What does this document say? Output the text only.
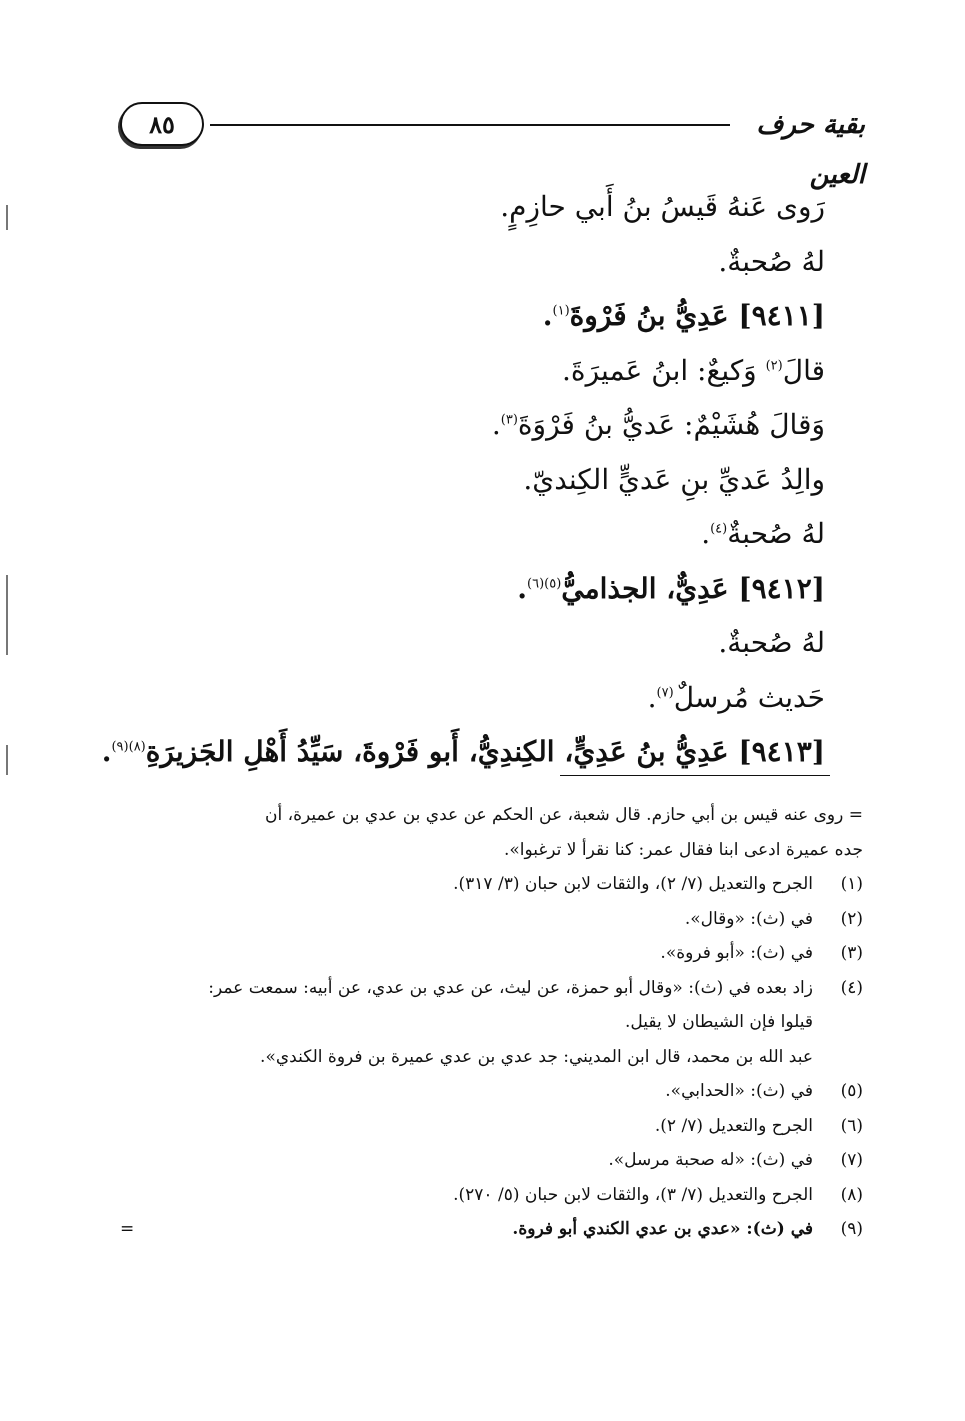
٨٥	بقية حرف العين
رَوى عَنهُ قَيسُ بنُ أَبي حازِمٍ.
لهُ صُحبةٌ.
[٩٤١١] عَدِيُّ بنُ فَرْوةَ$^{(١)}$.
قالَ$^{(٢)}$ وَكيعٌ: ابنُ عَميرَةَ.
وَقالَ هُشَيْمٌ: عَديُّ بنُ فَرْوَةَ$^{(٣)}$.
والِدُ عَديِّ بنِ عَديٍّ الكِنديّ.
لهُ صُحبةٌ$^{(٤)}$.
[٩٤١٢] عَدِيٌّ، الجذاميُّ$^{(٥)(٦)}$.
لهُ صُحبةٌ.
حَديث مُرسلٌ$^{(٧)}$.
[٩٤١٣] عَدِيُّ بنُ عَدِيٍّ، الكِندِيُّ، أَبو فَرْوةَ، سَيِّدُ أَهْلِ الجَزيرَةِ$^{(٨)(٩)}$.
= روى عنه قيس بن أبي حازم. قال شعبة، عن الحكم عن عدي بن عدي بن عميرة، أن
جده عميرة ادعى ابنا فقال عمر: كنا نقرأ لا ترغبوا».
(١)الجرح والتعديل (٧/ ٢)، والثقات لابن حبان (٣/ ٣١٧).
(٢)في (ث): «وقال».
(٣)في (ث): «أبو فروة».
(٤)زاد بعده في (ث): «وقال أبو حمزة، عن ليث، عن عدي بن عدي، عن أبيه: سمعت عمر:
قيلوا فإن الشيطان لا يقيل.
عبد الله بن محمد، قال ابن المديني: جد عدي بن عدي عميرة بن فروة الكندي».
(٥)في (ث): «الحدابي».
(٦)الجرح والتعديل (٧/ ٢).
(٧)في (ث): «له صحبة مرسل».
(٨)الجرح والتعديل (٧/ ٣)، والثقات لابن حبان (٥/ ٢٧٠).
(٩)في (ث): «عدي بن عدي الكندي أبو فروة.
=
